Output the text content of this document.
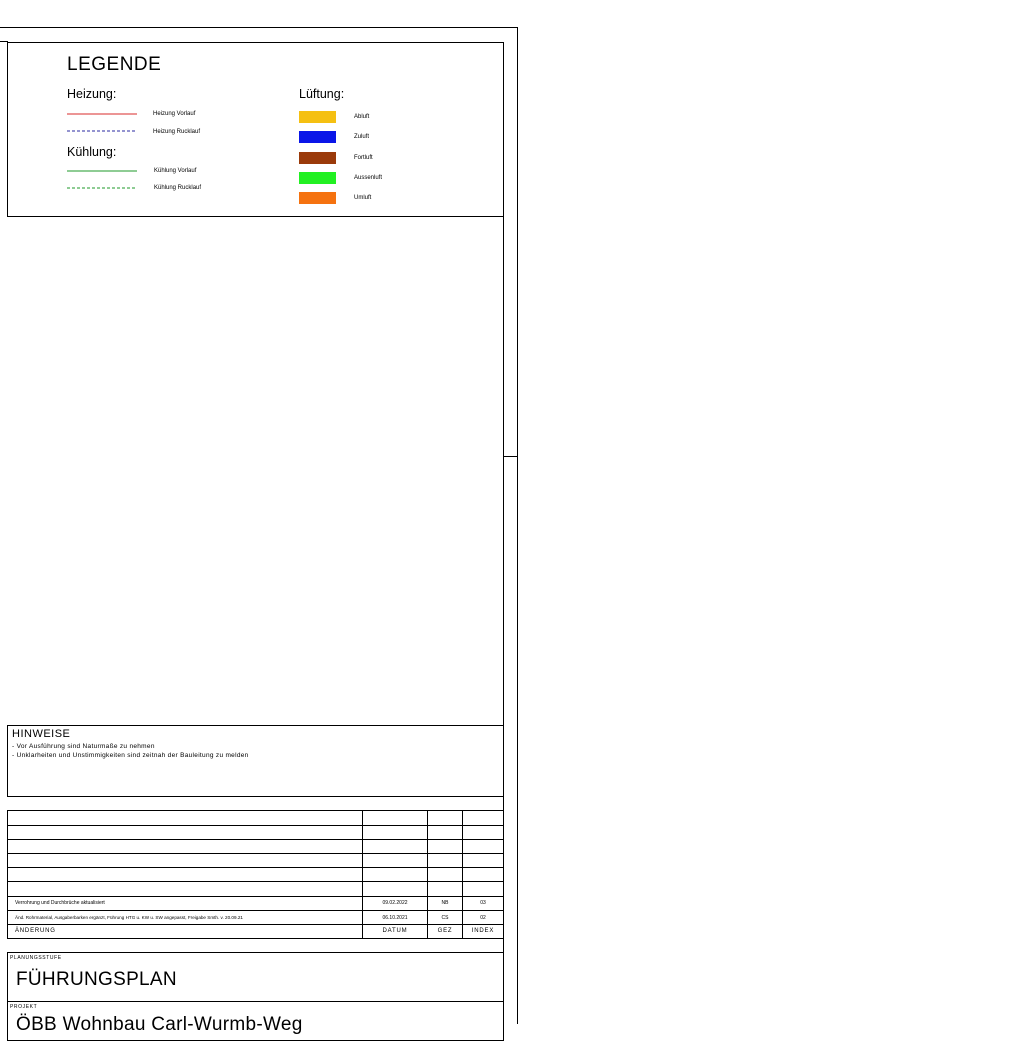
LEGENDE
Heizung:
Heizung Vorlauf
Heizung Rucklauf
Kühlung:
Kühlung Vorlauf
Kühlung Rucklauf
Lüftung:
Abluft
Zuluft
Fortluft
Aussenluft
Umluft
HINWEISE
- Vor Ausführung sind Naturmaße zu nehmen
- Unklarheiten und Unstimmigkeiten sind zeitnah der Bauleitung zu melden
Verrohrung und Durchbrüche aktualisiert	09.02.2022	NB	03
Änd. Rohrmaterial, Ausgaberbarken ergänzt, Führung HTG u. KW u. SW angepasst, Freigabe Smth. v. 20.09.21	06.10.2021	CS	02
ÄNDERUNG	DATUM	GEZ	INDEX
PLANUNGSSTUFE
FÜHRUNGSPLAN
PROJEKT
ÖBB Wohnbau Carl-Wurmb-Weg
